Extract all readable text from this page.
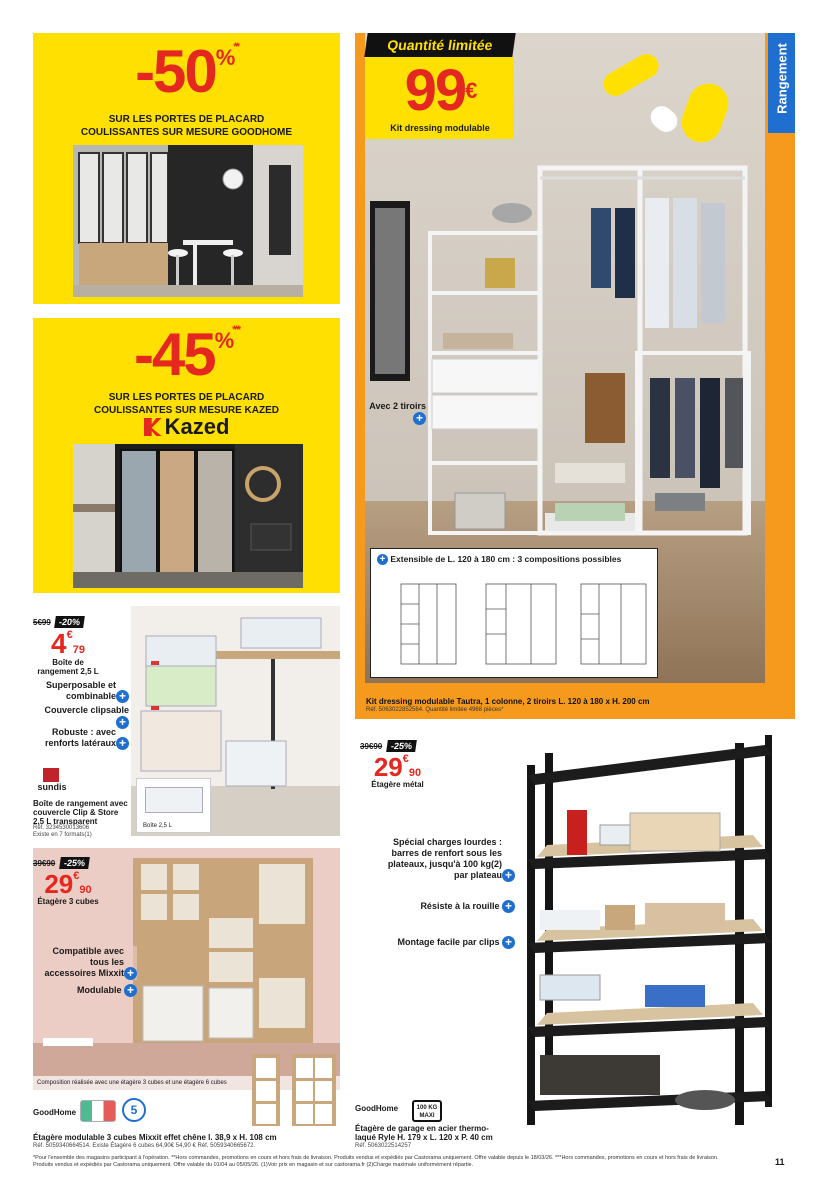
-50%**
SUR LES PORTES DE PLACARD
COULISSANTES SUR MESURE GOODHOME
-45%***
SUR LES PORTES DE PLACARD
COULISSANTES SUR MESURE KAZED
Kazed
Quantité limitée
99€
Kit dressing modulable
Rangement
Avec 2 tiroirs +
+ Extensible de L. 120 à 180 cm : 3 compositions possibles
Kit dressing modulable Tautra, 1 colonne, 2 tiroirs L. 120 à 180 x H. 200 cm
Réf. 5063022852564. Quantité limitée 4968 pièces*
5€99 -20%
4€79
Boîte de rangement 2,5 L
Boîte 2,5 L
Superposable et combinable +
Couvercle clipsable +
Robuste : avec renforts latéraux +
sundis
Boîte de rangement avec couvercle Clip & Store 2,5 L transparent
Réf. 3234530013606
Existe en 7 formats(1)
Composition réalisée avec une étagère 3 cubes et une étagère 6 cubes
39€90 -25%
29€90
Étagère 3 cubes
Compatible avec tous les accessoires Mixxit +
Modulable +
GoodHome	5
Étagère modulable 3 cubes Mixxit effet chêne l. 38,9 x H. 108 cm
Réf. 5059340664514. Existe Étagère 6 cubes 64,90€ 54,90 € Réf. 5059340665672.
39€90 -25%
29€90
Étagère métal
Spécial charges lourdes : barres de renfort sous les plateaux, jusqu'à 100 kg(2) par plateau +
Résiste à la rouille +
Montage facile par clips +
GoodHome	100 KG MAXI
Étagère de garage en acier thermo-laqué Ryle H. 179 x L. 120 x P. 40 cm
Réf. 5063022514257
*Pour l'ensemble des magasins participant à l'opération. **Hors commandes, promotions en cours et hors frais de livraison. Produits vendus et expédiés par Castorama uniquement. Offre valable depuis le 18/03/26. ***Hors commandes, promotions en cours et hors frais de livraison.
Produits vendus et expédiés par Castorama uniquement. Offre valable du 01/04 au 05/05/26. (1)Voir prix en magasin et sur castorama.fr (2)Charge maximale uniformément répartie.	11
